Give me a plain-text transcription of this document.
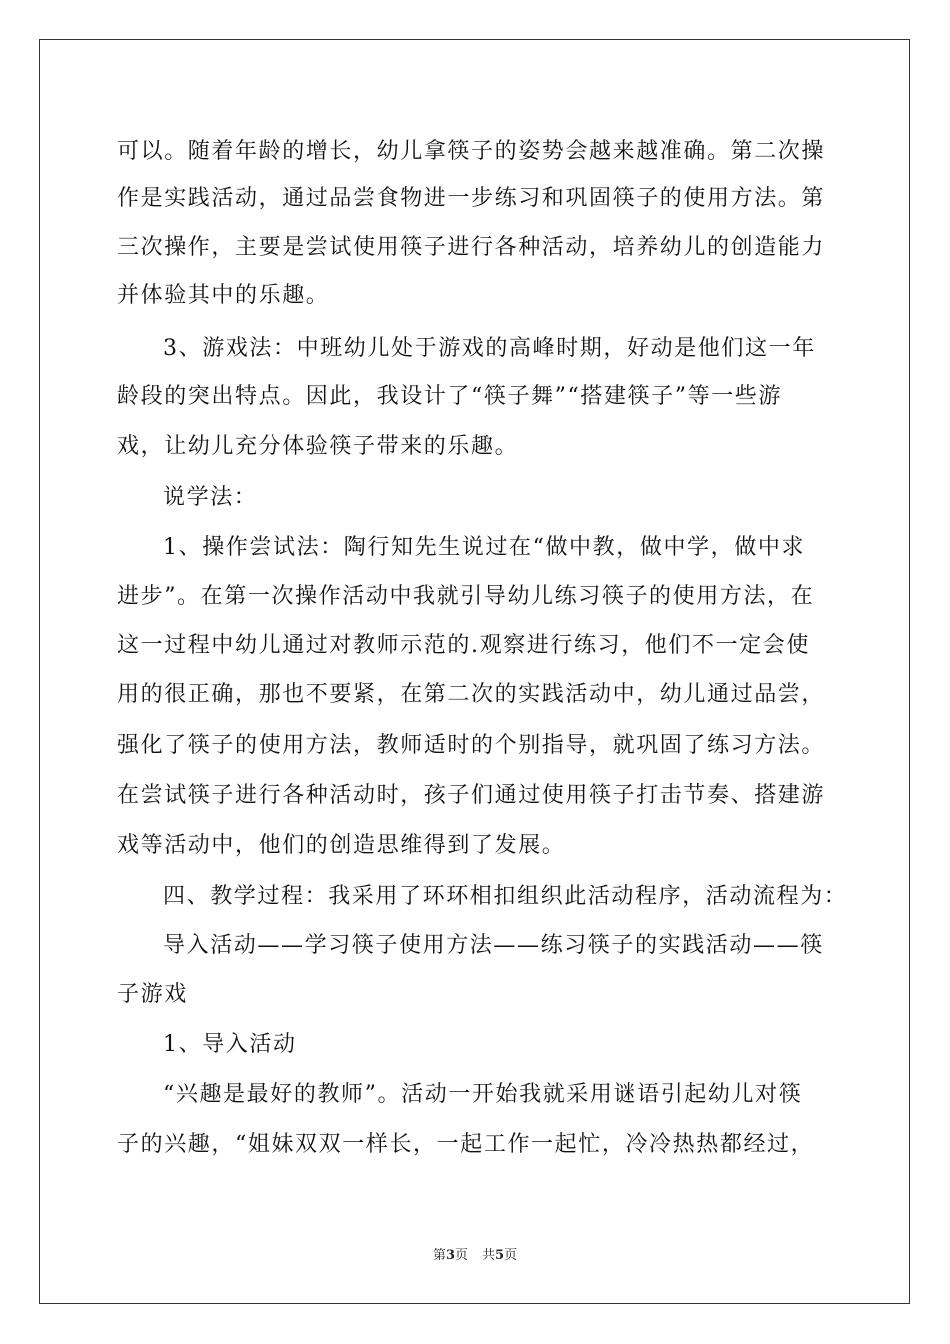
可以。随着年龄的增长，幼儿拿筷子的姿势会越来越准确。第二次操
作是实践活动，通过品尝食物进一步练习和巩固筷子的使用方法。第
三次操作，主要是尝试使用筷子进行各种活动，培养幼儿的创造能力
并体验其中的乐趣。
3、游戏法：中班幼儿处于游戏的高峰时期，好动是他们这一年
龄段的突出特点。因此，我设计了“筷子舞”“搭建筷子”等一些游
戏，让幼儿充分体验筷子带来的乐趣。
说学法：
1、操作尝试法：陶行知先生说过在“做中教，做中学，做中求
进步”。在第一次操作活动中我就引导幼儿练习筷子的使用方法，在
这一过程中幼儿通过对教师示范的.观察进行练习，他们不一定会使
用的很正确，那也不要紧，在第二次的实践活动中，幼儿通过品尝，
强化了筷子的使用方法，教师适时的个别指导，就巩固了练习方法。
在尝试筷子进行各种活动时，孩子们通过使用筷子打击节奏、搭建游
戏等活动中，他们的创造思维得到了发展。
四、教学过程：我采用了环环相扣组织此活动程序，活动流程为：
导入活动——学习筷子使用方法——练习筷子的实践活动——筷
子游戏
1、导入活动
“兴趣是最好的教师”。活动一开始我就采用谜语引起幼儿对筷
子的兴趣，“姐妹双双一样长，一起工作一起忙，冷冷热热都经过，
第3页 共5页
